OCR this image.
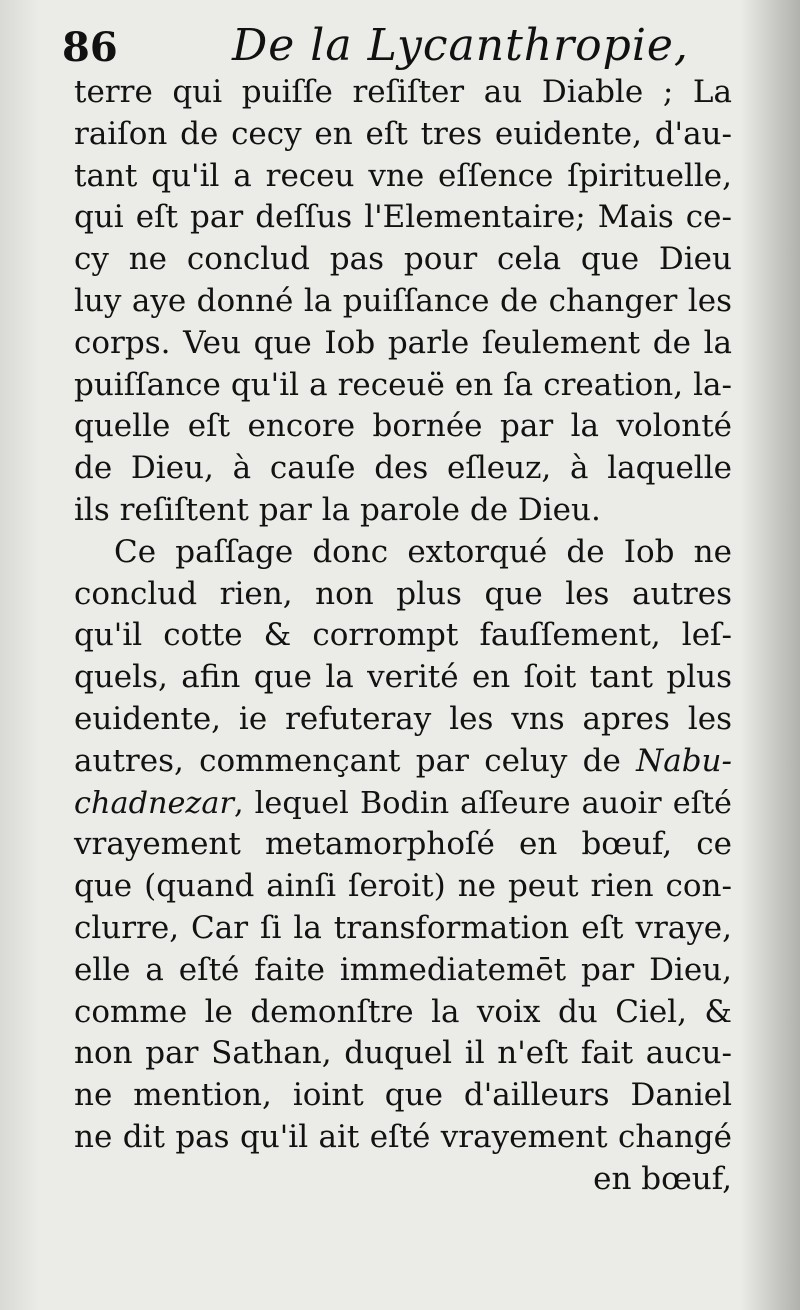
86	De la Lycanthropie,
terre qui puiſſe reſiſter au Diable ; La
raiſon de cecy en eſt tres euidente, d'au-
tant qu'il a receu vne eſſence ſpirituelle,
qui eſt par deſſus l'Elementaire; Mais ce-
cy ne conclud pas pour cela que Dieu
luy aye donné la puiſſance de changer les
corps. Veu que Iob parle ſeulement de la
puiſſance qu'il a receuë en ſa creation, la-
quelle eſt encore bornée par la volonté
de Dieu, à cauſe des eſleuz, à laquelle
ils reſiſtent par la parole de Dieu.
Ce paſſage donc extorqué de Iob ne
conclud rien, non plus que les autres
qu'il cotte & corrompt fauſſement, leſ-
quels, afin que la verité en ſoit tant plus
euidente, ie refuteray les vns apres les
autres, commençant par celuy de Nabu-
chadnezar, lequel Bodin aſſeure auoir eſté
vrayement metamorphoſé en bœuf, ce
que (quand ainſi ſeroit) ne peut rien con-
clurre, Car ſi la transformation eſt vraye,
elle a eſté faite immediatemēt par Dieu,
comme le demonſtre la voix du Ciel, &
non par Sathan, duquel il n'eſt fait aucu-
ne mention, ioint que d'ailleurs Daniel
ne dit pas qu'il ait eſté vrayement changé
en bœuf,
